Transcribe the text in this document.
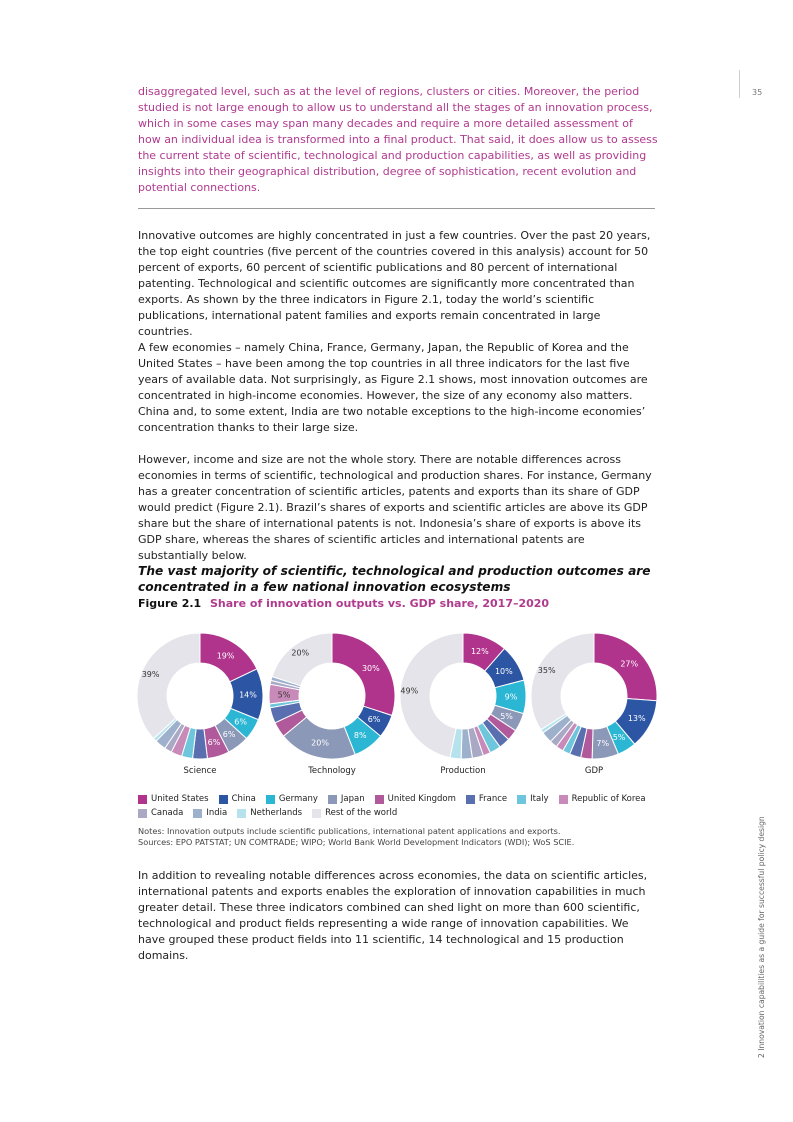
35
disaggregated level, such as at the level of regions, clusters or cities. Moreover, the period studied is not large enough to allow us to understand all the stages of an innovation process, which in some cases may span many decades and require a more detailed assessment of how an individual idea is transformed into a final product. That said, it does allow us to assess the current state of scientific, technological and production capabilities, as well as providing insights into their geographical distribution, degree of sophistication, recent evolution and potential connections.

Innovative outcomes are highly concentrated in just a few countries. Over the past 20 years, the top eight countries (five percent of the countries covered in this analysis) account for 50 percent of exports, 60 percent of scientific publications and 80 percent of international patenting. Technological and scientific outcomes are significantly more concentrated than exports. As shown by the three indicators in Figure 2.1, today the world’s scientific publications, international patent families and exports remain concentrated in large countries.

A few economies – namely China, France, Germany, Japan, the Republic of Korea and the United States – have been among the top countries in all three indicators for the last five years of available data. Not surprisingly, as Figure 2.1 shows, most innovation outcomes are concentrated in high-income economies. However, the size of any economy also matters. China and, to some extent, India are two notable exceptions to the high-income economies’ concentration thanks to their large size.

However, income and size are not the whole story. There are notable differences across economies in terms of scientific, technological and production shares. For instance, Germany has a greater concentration of scientific articles, patents and exports than its share of GDP would predict (Figure 2.1). Brazil’s shares of exports and scientific articles are above its GDP share but the share of international patents is not. Indonesia’s share of exports is above its GDP share, whereas the shares of scientific articles and international patents are substantially below.

The vast majority of scientific, technological and production outcomes are concentrated in a few national innovation ecosystems
Figure 2.1 Share of innovation outputs vs. GDP share, 2017–2020
19%
14%
6%
6%
6%
39%
Science
30%
6%
8%
20%
5%
20%
Technology
12%
10%
9%
5%
49%
Production
27%
13%
5%
7%
35%
GDP
United States	China	Germany	Japan	United Kingdom	France	Italy	Republic of Korea
Canada	India	Netherlands	Rest of the world
Notes: Innovation outputs include scientific publications, international patent applications and exports.
Sources: EPO PATSTAT; UN COMTRADE; WIPO; World Bank World Development Indicators (WDI); WoS SCIE.

In addition to revealing notable differences across economies, the data on scientific articles, international patents and exports enables the exploration of innovation capabilities in much greater detail. These three indicators combined can shed light on more than 600 scientific, technological and product fields representing a wide range of innovation capabilities. We have grouped these product fields into 11 scientific, 14 technological and 15 production domains.	2 Innovation capabilities as a guide for successful policy design
